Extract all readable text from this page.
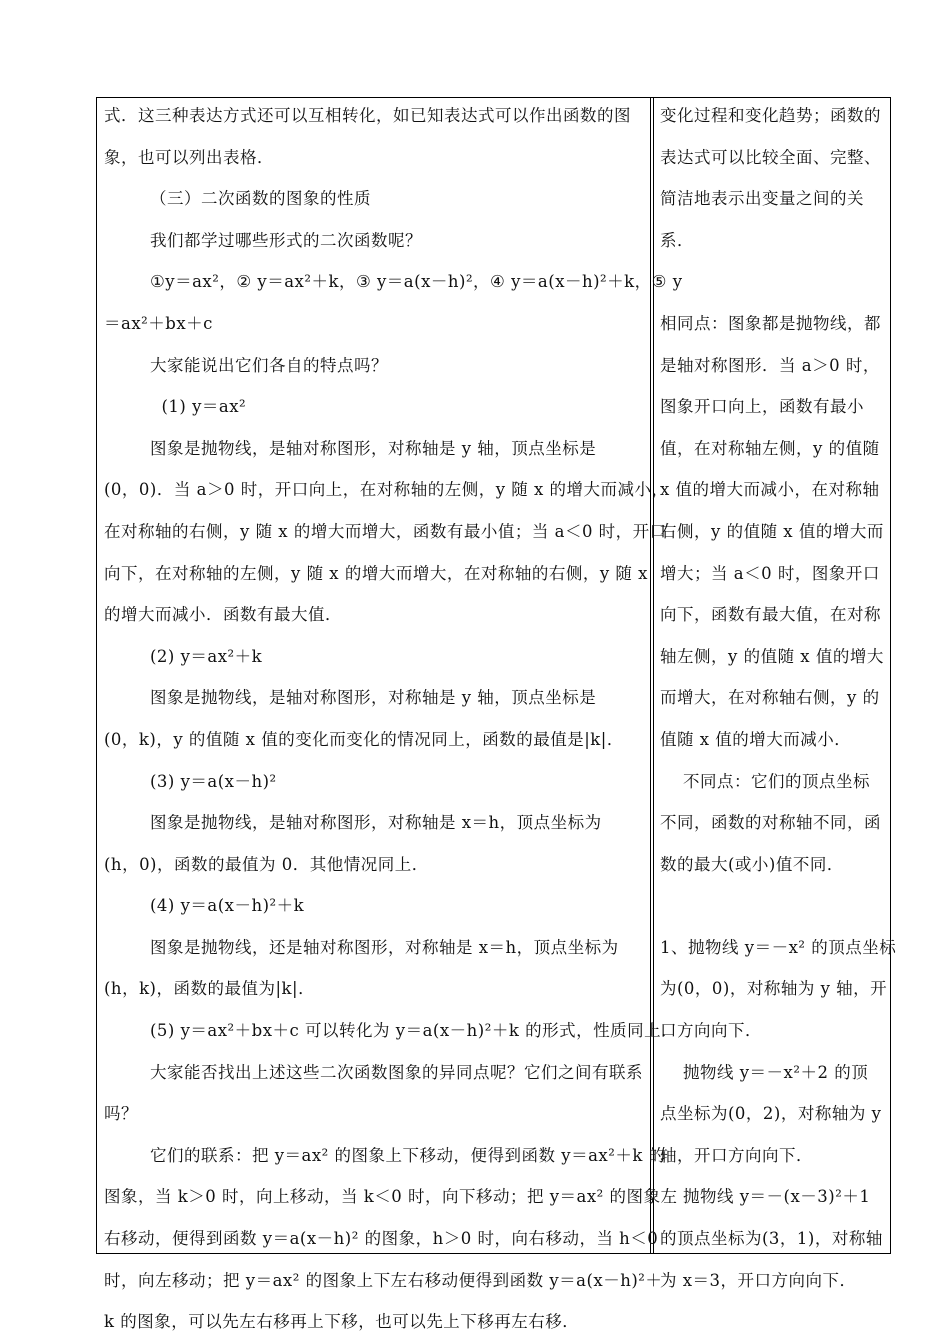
式．这三种表达方式还可以互相转化，如已知表达式可以作出函数的图
象，也可以列出表格．
（三）二次函数的图象的性质
我们都学过哪些形式的二次函数呢？
①y＝ax²，② y＝ax²＋k，③ y＝a(x－h)²，④ y＝a(x－h)²＋k，⑤ y
＝ax²＋bx＋c
大家能说出它们各自的特点吗？
(1) y＝ax²
图象是抛物线，是轴对称图形，对称轴是 y 轴，顶点坐标是
(0，0)．当 a＞0 时，开口向上，在对称轴的左侧，y 随 x 的增大而减小，
在对称轴的右侧，y 随 x 的增大而增大，函数有最小值；当 a＜0 时，开口
向下，在对称轴的左侧，y 随 x 的增大而增大，在对称轴的右侧，y 随 x
的增大而减小．函数有最大值．
(2) y＝ax²＋k
图象是抛物线，是轴对称图形，对称轴是 y 轴，顶点坐标是
(0，k)，y 的值随 x 值的变化而变化的情况同上，函数的最值是|k|．
(3) y＝a(x－h)²
图象是抛物线，是轴对称图形，对称轴是 x＝h，顶点坐标为
(h，0)，函数的最值为 0．其他情况同上．
(4) y＝a(x－h)²＋k
图象是抛物线，还是轴对称图形，对称轴是 x＝h，顶点坐标为
(h，k)，函数的最值为|k|．
(5) y＝ax²＋bx＋c 可以转化为 y＝a(x－h)²＋k 的形式，性质同上．
大家能否找出上述这些二次函数图象的异同点呢？它们之间有联系
吗？
它们的联系：把 y＝ax² 的图象上下移动，便得到函数 y＝ax²＋k 的
图象，当 k＞0 时，向上移动，当 k＜0 时，向下移动；把 y＝ax² 的图象左
右移动，便得到函数 y＝a(x－h)² 的图象，h＞0 时，向右移动，当 h＜0
时，向左移动；把 y＝ax² 的图象上下左右移动便得到函数 y＝a(x－h)²＋
k 的图象，可以先左右移再上下移，也可以先上下移再左右移．
变化过程和变化趋势；函数的
表达式可以比较全面、完整、
简洁地表示出变量之间的关
系．
相同点：图象都是抛物线，都
是轴对称图形．当 a＞0 时，
图象开口向上，函数有最小
值，在对称轴左侧，y 的值随
x 值的增大而减小，在对称轴
右侧，y 的值随 x 值的增大而
增大；当 a＜0 时，图象开口
向下，函数有最大值，在对称
轴左侧，y 的值随 x 值的增大
而增大，在对称轴右侧，y 的
值随 x 值的增大而减小．
不同点：它们的顶点坐标
不同，函数的对称轴不同，函
数的最大(或小)值不同．
1、抛物线 y＝－x² 的顶点坐标
为(0，0)，对称轴为 y 轴，开
口方向向下．
抛物线 y＝－x²＋2 的顶
点坐标为(0，2)，对称轴为 y
轴，开口方向向下．
抛物线 y＝－(x－3)²＋1
的顶点坐标为(3，1)，对称轴
为 x＝3，开口方向向下．
